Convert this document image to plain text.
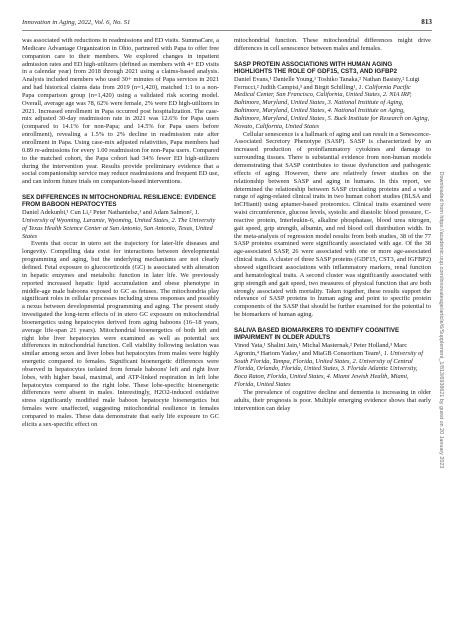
Innovation in Aging, 2022, Vol. 6, No. S1	813

was associated with reductions in readmissions and ED visits. SummaCare, a Medicare Advantage Organization in Ohio, partnered with Papa to offer free companion care to their members. We explored changes in inpatient admission rates and ED high-utilizers (defined as members with 4+ ED visits in a calendar year) from 2018 through 2021 using a claims-based analysis. Analysis included members who used 30+ minutes of Papa services in 2021 and had historical claims data from 2019 (n=1,420), matched 1:1 to a non-Papa comparison group (n=1,420) using a validated risk scoring model. Overall, average age was 78, 62% were female, 2% were ED high-utilizers in 2021. Increased enrollment in Papa occurred post hospitalization. The case-mix adjusted 30-day readmission rate in 2021 was 12.6% for Papa users (compared to 14.1% for non-Papa; and 14.5% for Papa users before enrollment), revealing a 1.5% to 2% decline in readmission rate after enrollment in Papa. Using case-mix adjusted relativities, Papa members had 0.89 re-admissions for every 1.00 readmission for non-Papa users. Compared to the matched cohort, the Papa cohort had 34% fewer ED high-utilizers during the intervention year. Results provide preliminary evidence that a social companionship service may reduce readmissions and frequent ED use, and can inform future trials on companion-based interventions.

SEX DIFFERENCES IN MITOCHONDRIAL RESILIENCE: EVIDENCE FROM BABOON HEPATOCYTES

Daniel Adekunbi,¹ Cun Li,² Peter Nathanielsz,¹ and Adam Salmon², 1. University of Wyoming, Laramie, Wyoming, United States, 2. The University of Texas Health Science Center at San Antonio, San Antonio, Texas, United States

Events that occur in utero set the trajectory for later-life diseases and longevity. Compelling data exist for interactions between developmental programming and aging, but the underlying mechanisms are not clearly defined. Fetal exposure to glucocorticoids (GC) is associated with alteration in hepatic enzymes and metabolic function in later life. We previously reported increased hepatic lipid accumulation and obese phenotype in middle-age male baboons exposed to GC as fetuses. The mitochondria play significant roles in cellular processes including stress responses and possibly a nexus between developmental programming and aging. The present study investigated the long-term effects of in utero GC exposure on mitochondrial bioenergetics using hepatocytes derived from aging baboons (16–18 years, average life-span 21 years). Mitochondrial bioenergetics of both left and right lobe liver hepatocytes were examined as well as potential sex differences in mitochondrial function. Cell viability following isolation was similar among sexes and liver lobes but hepatocytes from males were highly energetic compared to females. Significant bioenergetic differences were observed in hepatocytes isolated from female baboons' left and right liver lobes, with higher basal, maximal, and ATP-linked respiration in left lobe hepatocytes compared to the right lobe. These lobe-specific bioenergetic differences were absent in males. Interestingly, H2O2-induced oxidative stress significantly modified male baboon hepatocyte bioenergetics but females were unaffected, suggesting mitochondrial resilience in females compared to males. These data demonstrate that early life exposure to GC elicits a sex-specific effect on

mitochondrial function. These mitochondrial differences might drive differences in cell senescence between males and females.

SASP PROTEIN ASSOCIATIONS WITH HUMAN AGING HIGHLIGHTS THE ROLE OF GDF15, CST3, AND IGFBP2

Daniel Evans,¹ Danielle Young,¹ Toshiko Tanaka,² Nathan Basisty,² Luigi Ferrucci,² Judith Campisi,³ and Birgit Schilling¹, 1. California Pacific Medical Center, San Francisco, California, United States, 2. NIA IRP, Baltimore, Maryland, United States, 3. National Institute of Aging, Baltimore, Maryland, United States, 4. National Institute on Aging, Baltimore, Maryland, United States, 5. Buck Institute for Research on Aging, Novato, California, United States

Cellular senescence is a hallmark of aging and can result in a Senescence-Associated Secretory Phenotype (SASP). SASP is characterized by an increased production of proinflammatory cytokines and damage to surrounding tissues. There is substantial evidence from non-human models demonstrating that SASP contributes to tissue dysfunction and pathogenic effects of aging. However, there are relatively fewer studies on the relationship between SASP and aging in humans. In this report, we determined the relationship between SASP circulating proteins and a wide range of aging-related clinical traits in two human cohort studies (BLSA and InCHianti) using aptamer-based proteomics. Clinical traits examined were waist circumference, glucose levels, systolic and diastolic blood pressure, C-reactive protein, Interleukin-6, alkaline phosphatase, blood urea nitrogen, gait speed, grip strength, albumin, and red blood cell distribution width. In the meta-analysis of regression model results from both studies, 38 of the 77 SASP proteins examined were significantly associated with age. Of the 38 age-associated SASP, 26 were associated with one or more age-associated clinical traits. A cluster of three SASP proteins (GDF15, CST3, and IGFBP2) showed significant associations with inflammatory markers, renal function and hematological traits. A second cluster was significantly associated with grip strength and gait speed, two measures of physical function that are both strongly associated with mortality. Taken together, these results support the relevance of SASP proteins to human aging and point to specific protein components of the SASP that should be further examined for the potential to be biomarkers of human aging.

SALIVA BASED BIOMARKERS TO IDENTIFY COGNITIVE IMPAIRMENT IN OLDER ADULTS

Vinod Yata,¹ Shalini Jain,¹ Michal Masternak,² Peter Holland,³ Marc Agronin,⁴ Hariom Yadav,¹ and MiaGB Consortium Team¹, 1. University of South Florida, Tampa, Florida, United States, 2. University of Central Florida, Orlando, Florida, United States, 3. Florida Atlantic University, Boca Raton, Florida, United States, 4. Miami Jewish Health, Miami, Florida, United States

The prevalence of cognitive decline and dementia is increasing in older adults, their prognosis is poor. Multiple emerging evidence shows that early intervention can delay	Downloaded from https://academic.oup.com/innovateage/article/6/Supplement_1/813/6938621 by guest on 20 January 2023
